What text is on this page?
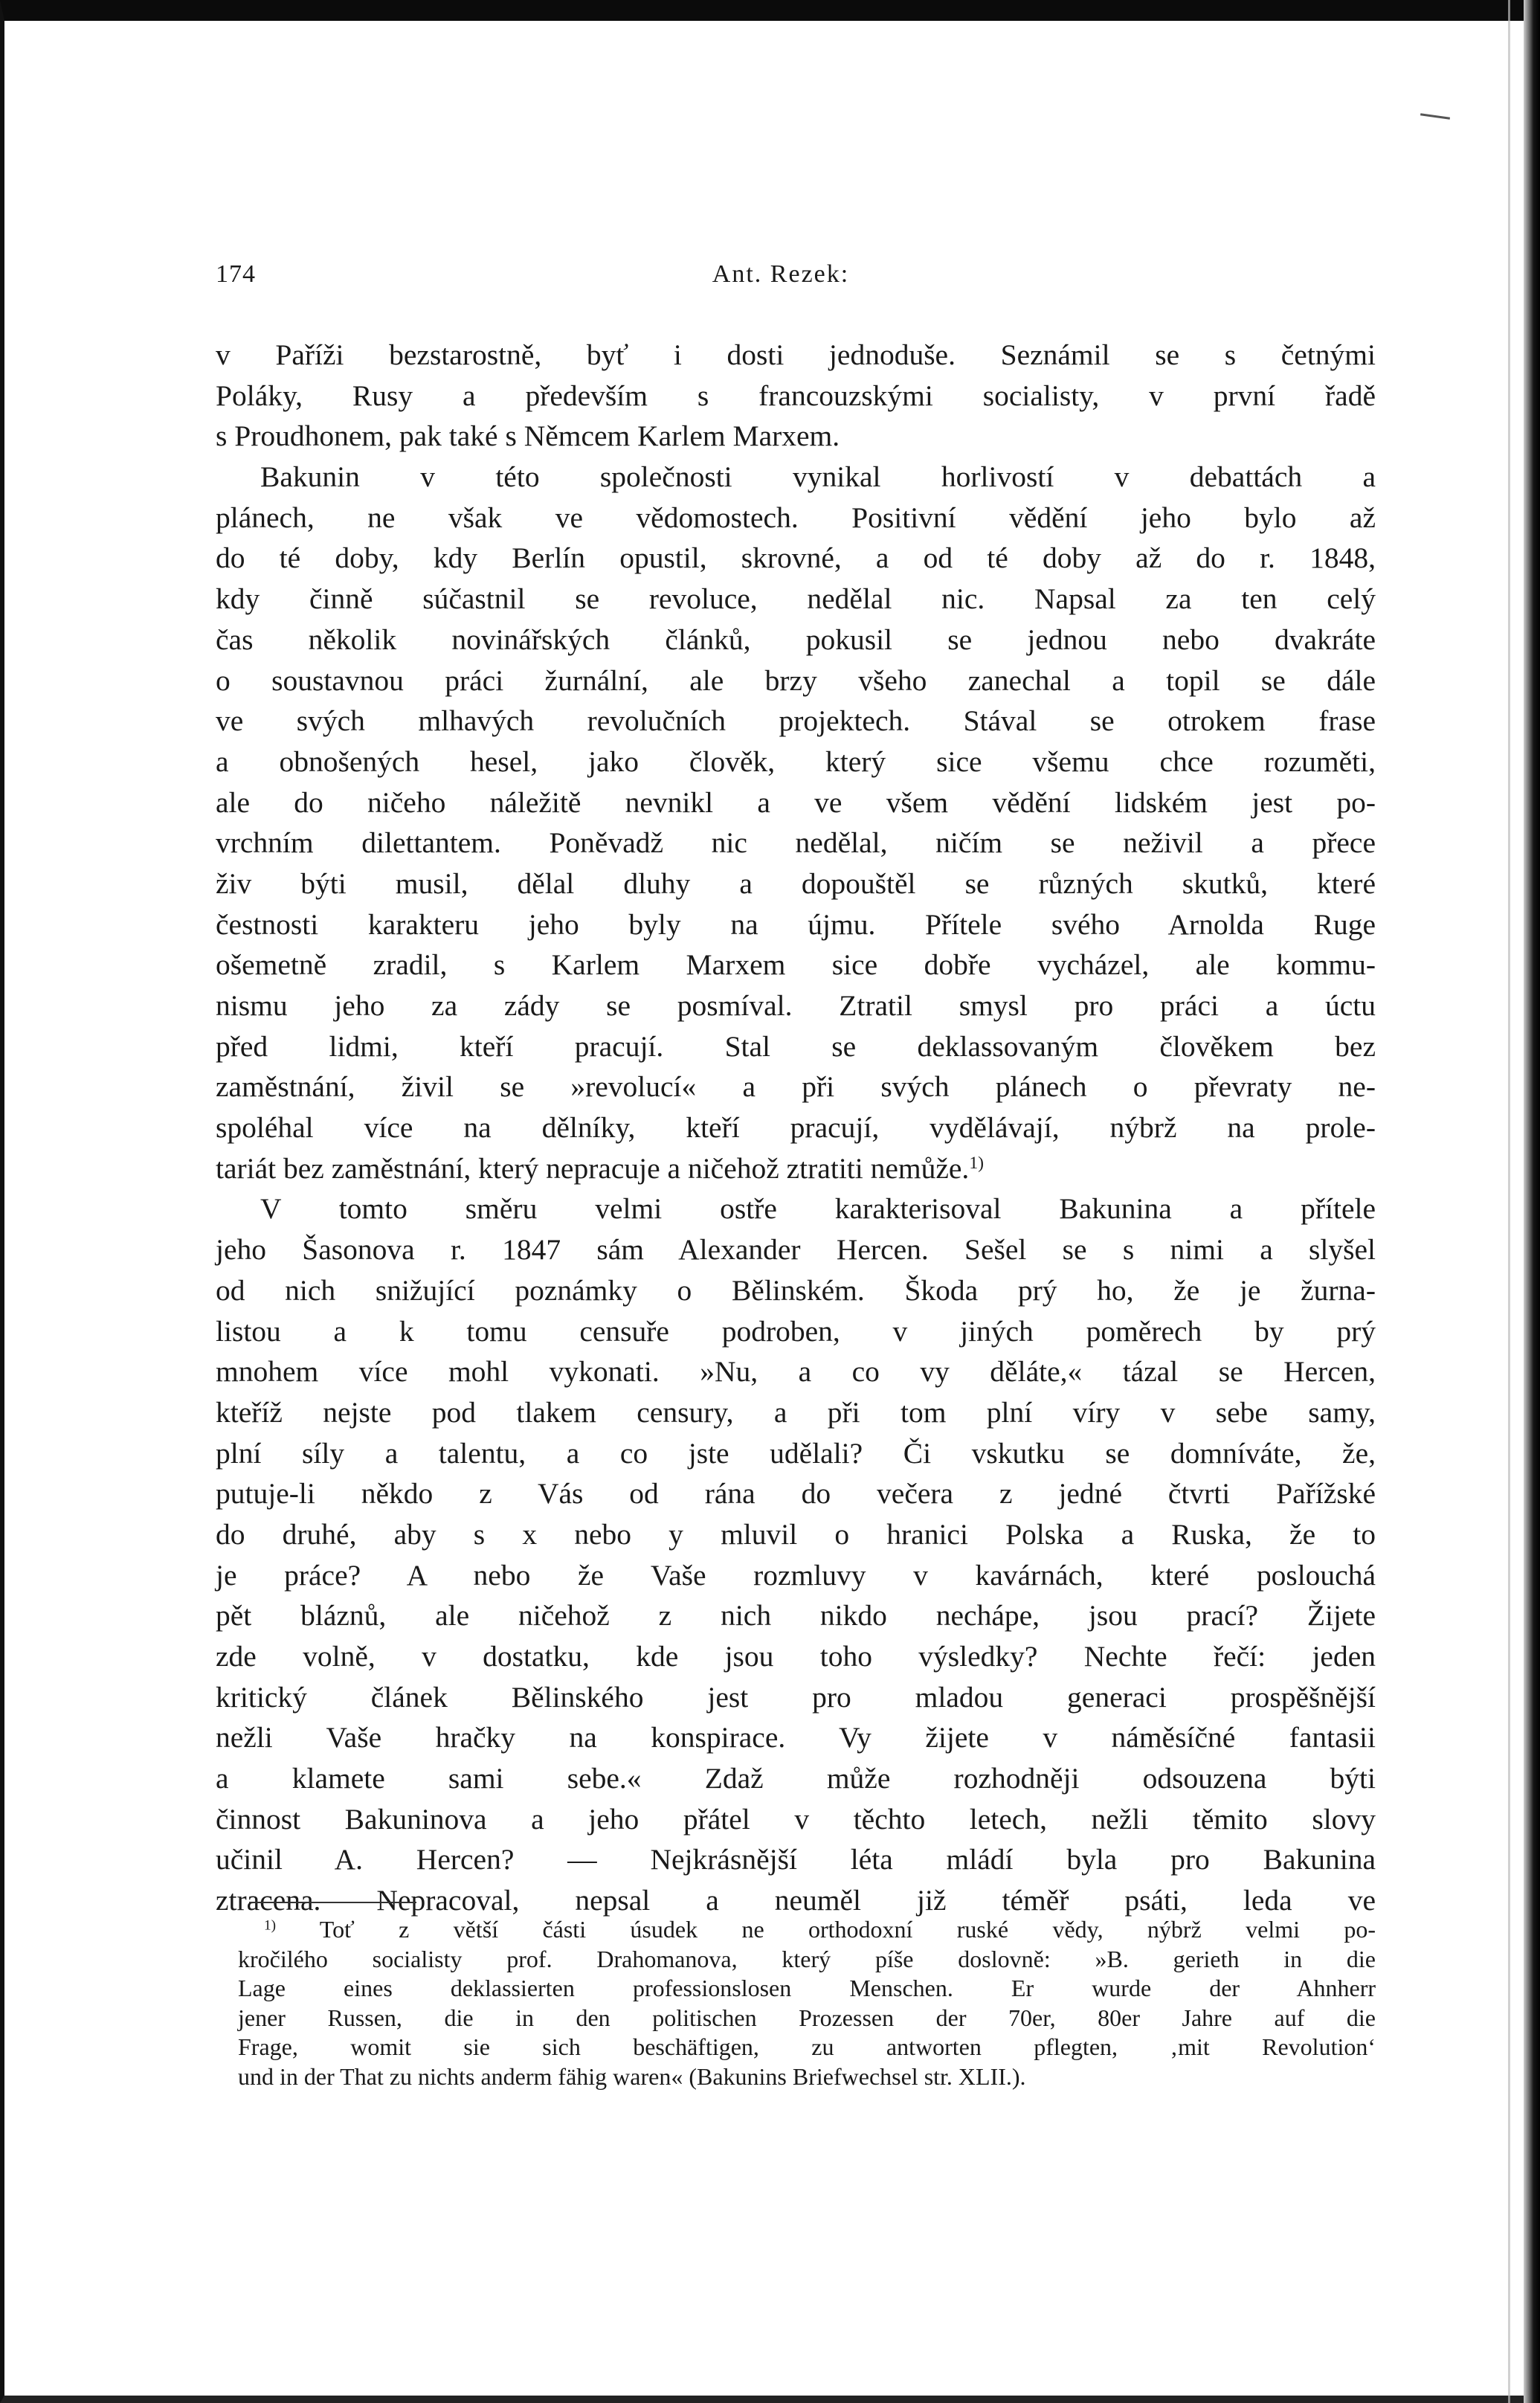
174	Ant. Rezek:
v Paříži bezstarostně, byť i dosti jednoduše. Seznámil se s četnými
Poláky, Rusy a především s francouzskými socialisty, v první řadě
s Proudhonem, pak také s Němcem Karlem Marxem.
Bakunin v této společnosti vynikal horlivostí v debattách a
plánech, ne však ve vědomostech. Positivní vědění jeho bylo až
do té doby, kdy Berlín opustil, skrovné, a od té doby až do r. 1848,
kdy činně súčastnil se revoluce, nedělal nic. Napsal za ten celý
čas několik novinářských článků, pokusil se jednou nebo dvakráte
o soustavnou práci žurnální, ale brzy všeho zanechal a topil se dále
ve svých mlhavých revolučních projektech. Stával se otrokem frase
a obnošených hesel, jako člověk, který sice všemu chce rozuměti,
ale do ničeho náležitě nevnikl a ve všem vědění lidském jest po-
vrchním dilettantem. Poněvadž nic nedělal, ničím se neživil a přece
živ býti musil, dělal dluhy a dopouštěl se různých skutků, které
čestnosti karakteru jeho byly na újmu. Přítele svého Arnolda Ruge
ošemetně zradil, s Karlem Marxem sice dobře vycházel, ale kommu-
nismu jeho za zády se posmíval. Ztratil smysl pro práci a úctu
před lidmi, kteří pracují. Stal se deklassovaným člověkem bez
zaměstnání, živil se »revolucí« a při svých plánech o převraty ne-
spoléhal více na dělníky, kteří pracují, vydělávají, nýbrž na prole-
tariát bez zaměstnání, který nepracuje a ničehož ztratiti nemůže.$^{1)}$
V tomto směru velmi ostře karakterisoval Bakunina a přítele
jeho Šasonova r. 1847 sám Alexander Hercen. Sešel se s nimi a slyšel
od nich snižující poznámky o Bělinském. Škoda prý ho, že je žurna-
listou a k tomu censuře podroben, v jiných poměrech by prý
mnohem více mohl vykonati. »Nu, a co vy děláte,« tázal se Hercen,
kteříž nejste pod tlakem censury, a při tom plní víry v sebe samy,
plní síly a talentu, a co jste udělali? Či vskutku se domníváte, že,
putuje-li někdo z Vás od rána do večera z jedné čtvrti Pařížské
do druhé, aby s x nebo y mluvil o hranici Polska a Ruska, že to
je práce? A nebo že Vaše rozmluvy v kavárnách, které poslouchá
pět bláznů, ale ničehož z nich nikdo nechápe, jsou prací? Žijete
zde volně, v dostatku, kde jsou toho výsledky? Nechte řečí: jeden
kritický článek Bělinského jest pro mladou generaci prospěšnější
nežli Vaše hračky na konspirace. Vy žijete v náměsíčné fantasii
a klamete sami sebe.« Zdaž může rozhodněji odsouzena býti
činnost Bakuninova a jeho přátel v těchto letech, nežli těmito slovy
učinil A. Hercen? — Nejkrásnější léta mládí byla pro Bakunina
ztracena. Nepracoval, nepsal a neuměl již téměř psáti, leda ve
$^{1)}$ Toť z větší části úsudek ne orthodoxní ruské vědy, nýbrž velmi po-
kročilého socialisty prof. Drahomanova, který píše doslovně: »B. gerieth in die
Lage eines deklassierten professionslosen Menschen. Er wurde der Ahnherr
jener Russen, die in den politischen Prozessen der 70er, 80er Jahre auf die
Frage, womit sie sich beschäftigen, zu antworten pflegten, ‚mit Revolution‘
und in der That zu nichts anderm fähig waren« (Bakunins Briefwechsel str. XLII.).
